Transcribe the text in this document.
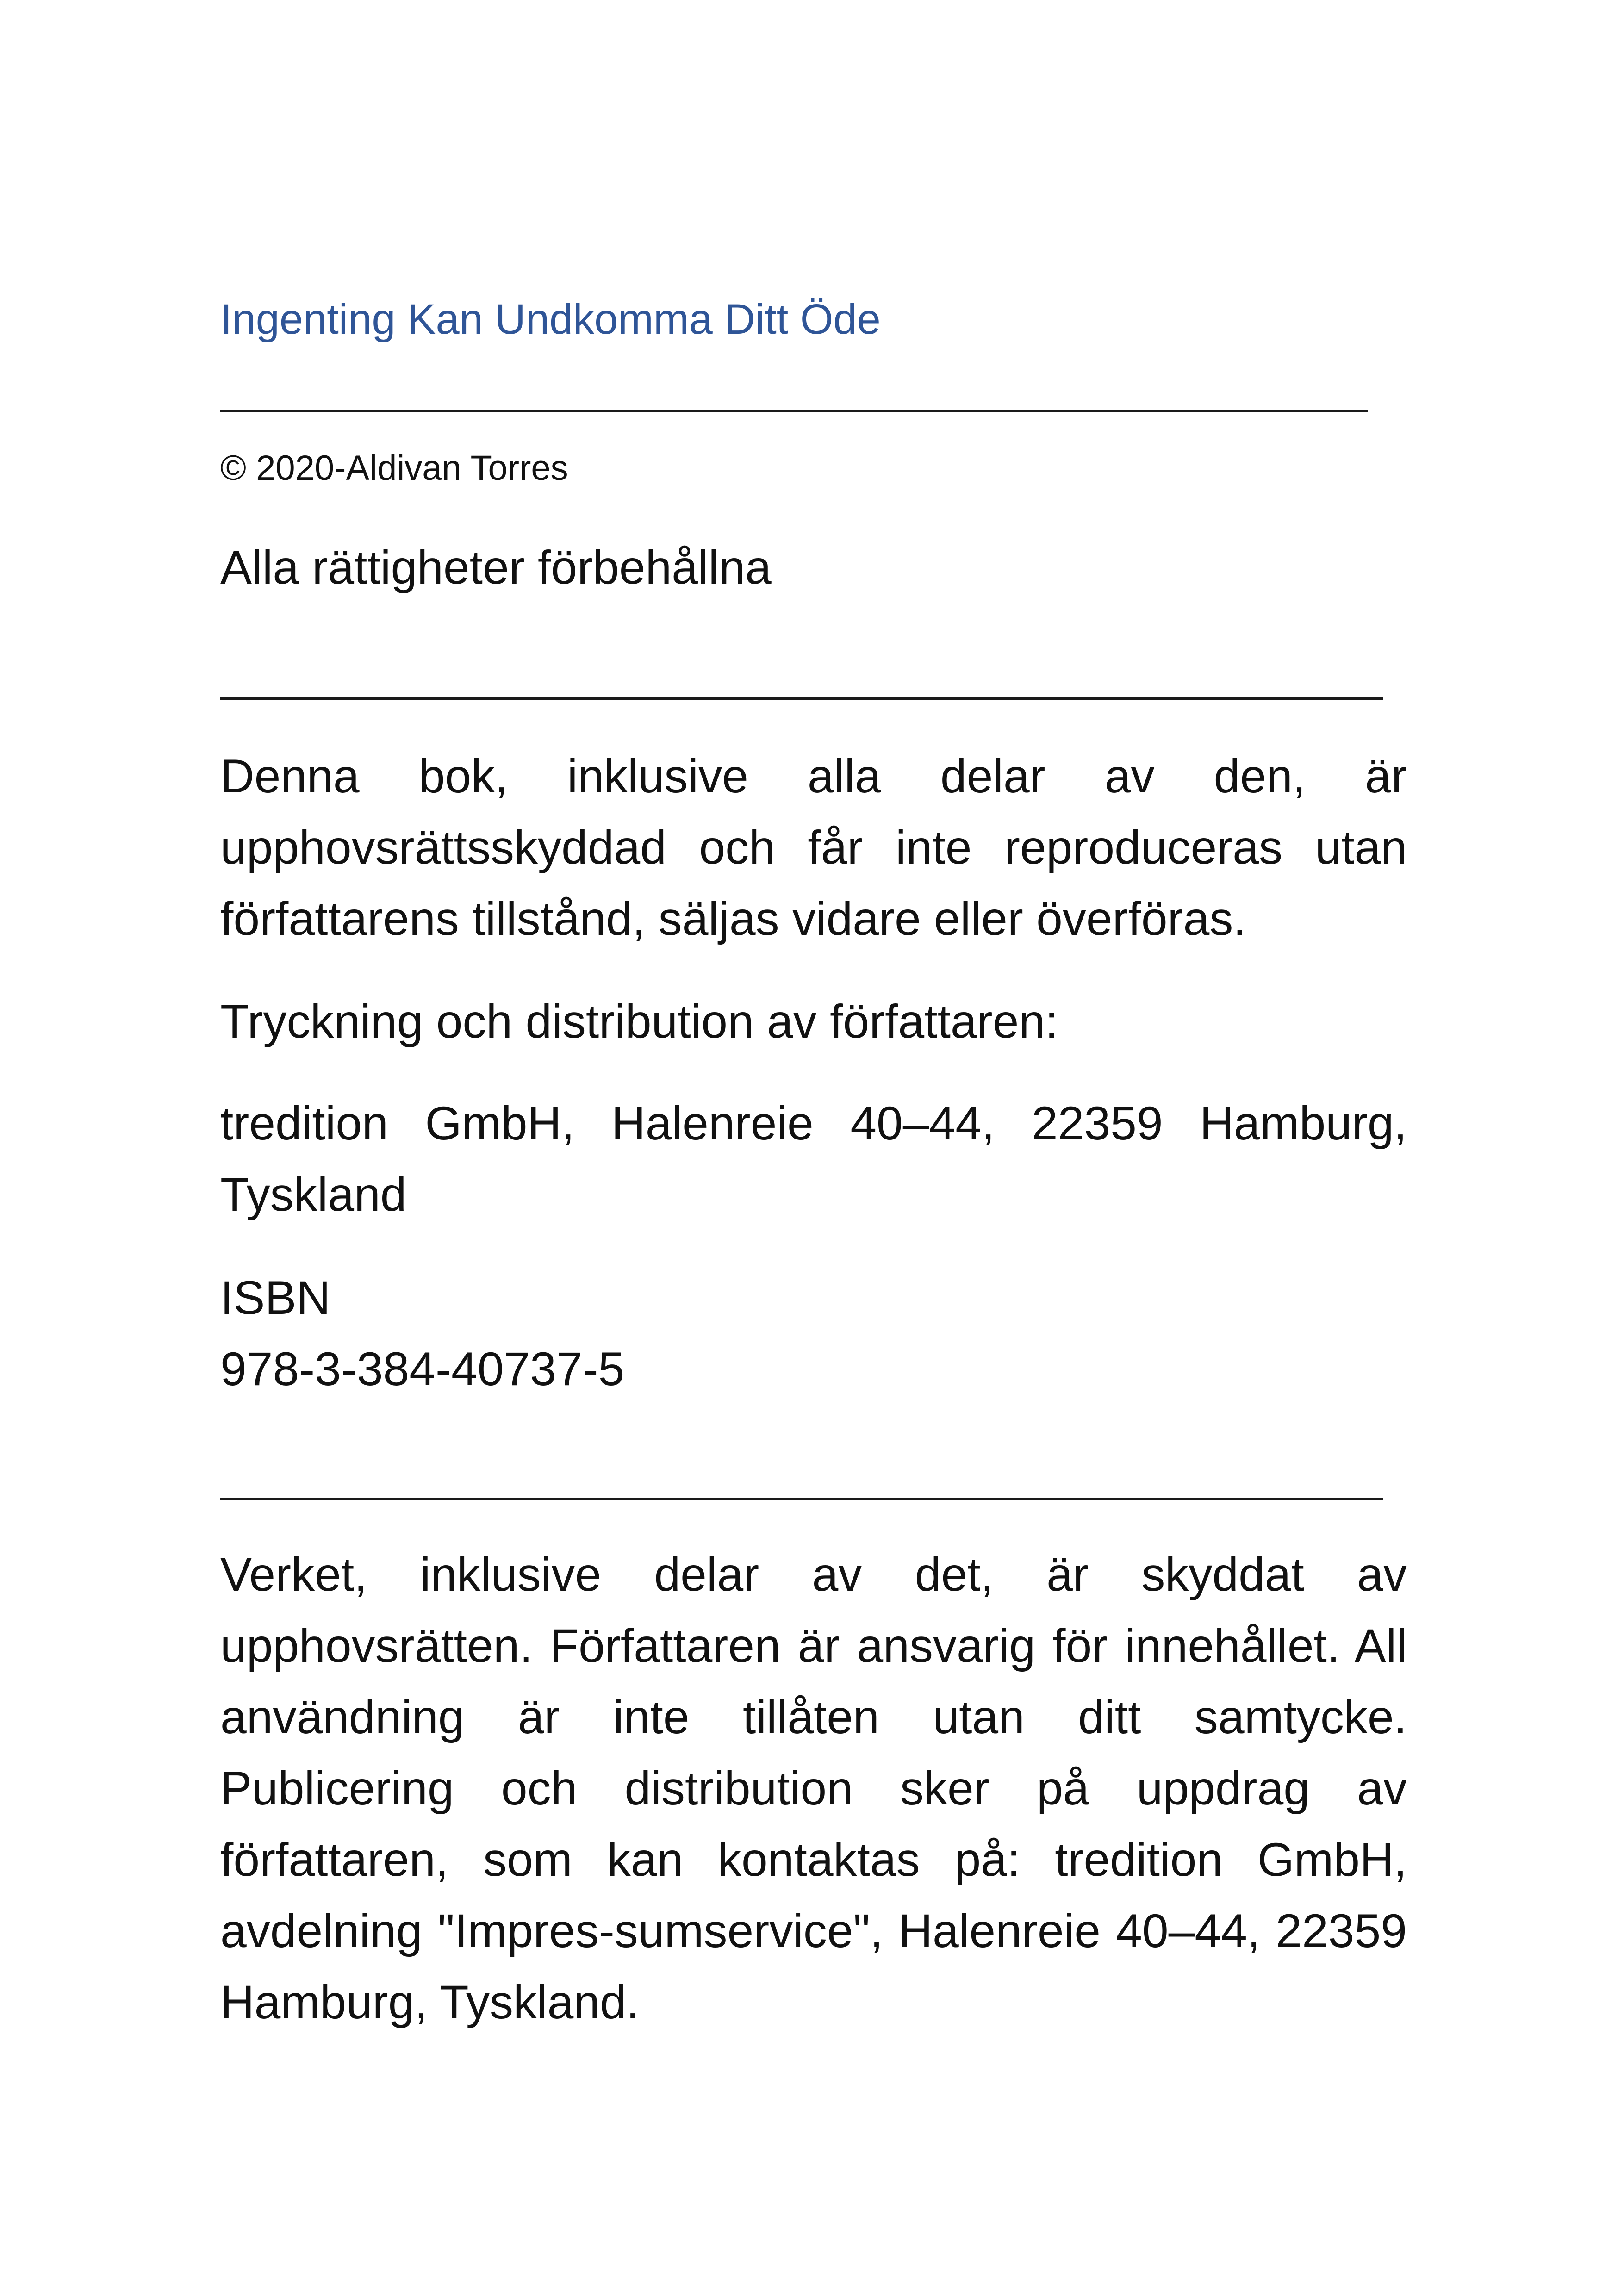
Ingenting Kan Undkomma Ditt Öde
© 2020-Aldivan Torres
Alla rättigheter förbehållna

Denna bok, inklusive alla delar av den, är upphovsrättsskyddad och får inte reproduceras utan författarens tillstånd, säljas vidare eller överföras.

Tryckning och distribution av författaren:

tredition GmbH, Halenreie 40–44, 22359 Hamburg, Tyskland

ISBN
978-3-384-40737-5

Verket, inklusive delar av det, är skyddat av upphovsrätten. Författaren är ansvarig för innehållet. All användning är inte tillåten utan ditt samtycke. Publicering och distribution sker på uppdrag av författaren, som kan kontaktas på: tredition GmbH, avdelning "Impres-sumservice", Halenreie 40–44, 22359 Hamburg, Tyskland.
